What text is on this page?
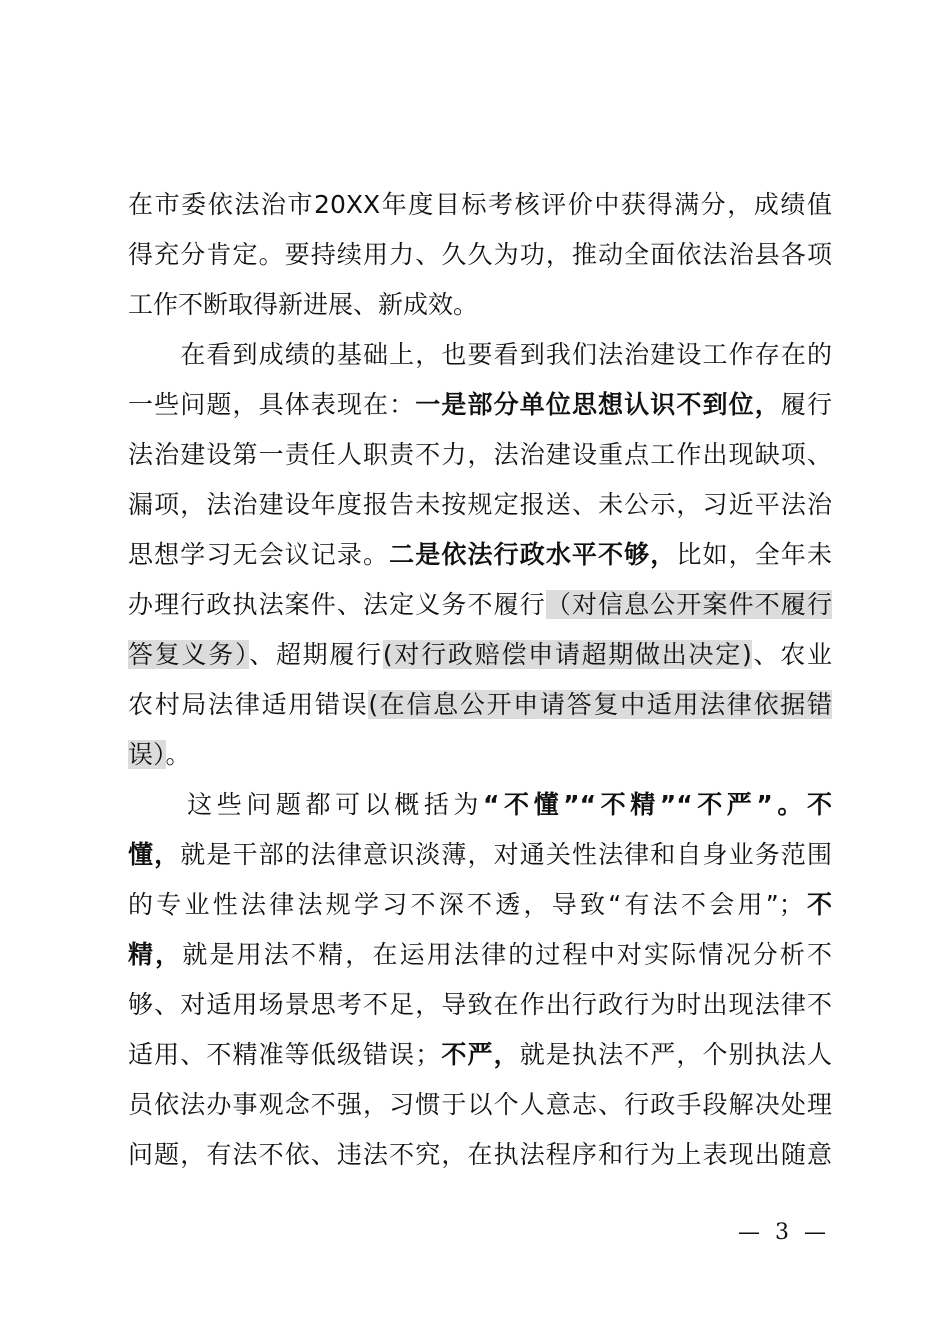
在市委依法治市20XX年度目标考核评价中获得满分，成绩值
得充分肯定。要持续用力、久久为功，推动全面依法治县各项
工作不断取得新进展、新成效。
　　在看到成绩的基础上，也要看到我们法治建设工作存在的
一些问题，具体表现在：一是部分单位思想认识不到位，履行
法治建设第一责任人职责不力，法治建设重点工作出现缺项、
漏项，法治建设年度报告未按规定报送、未公示，习近平法治
思想学习无会议记录。二是依法行政水平不够，比如，全年未
办理行政执法案件、法定义务不履行（对信息公开案件不履行
答复义务）、超期履行(对行政赔偿申请超期做出决定)、农业
农村局法律适用错误(在信息公开申请答复中适用法律依据错
误）。
　　这些问题都可以概括为“不懂”“不精”“不严”。不
懂，就是干部的法律意识淡薄，对通关性法律和自身业务范围
的专业性法律法规学习不深不透，导致“有法不会用”；不
精，就是用法不精，在运用法律的过程中对实际情况分析不
够、对适用场景思考不足，导致在作出行政行为时出现法律不
适用、不精准等低级错误；不严，就是执法不严，个别执法人
员依法办事观念不强，习惯于以个人意志、行政手段解决处理
问题，有法不依、违法不究，在执法程序和行为上表现出随意
— 3 —
